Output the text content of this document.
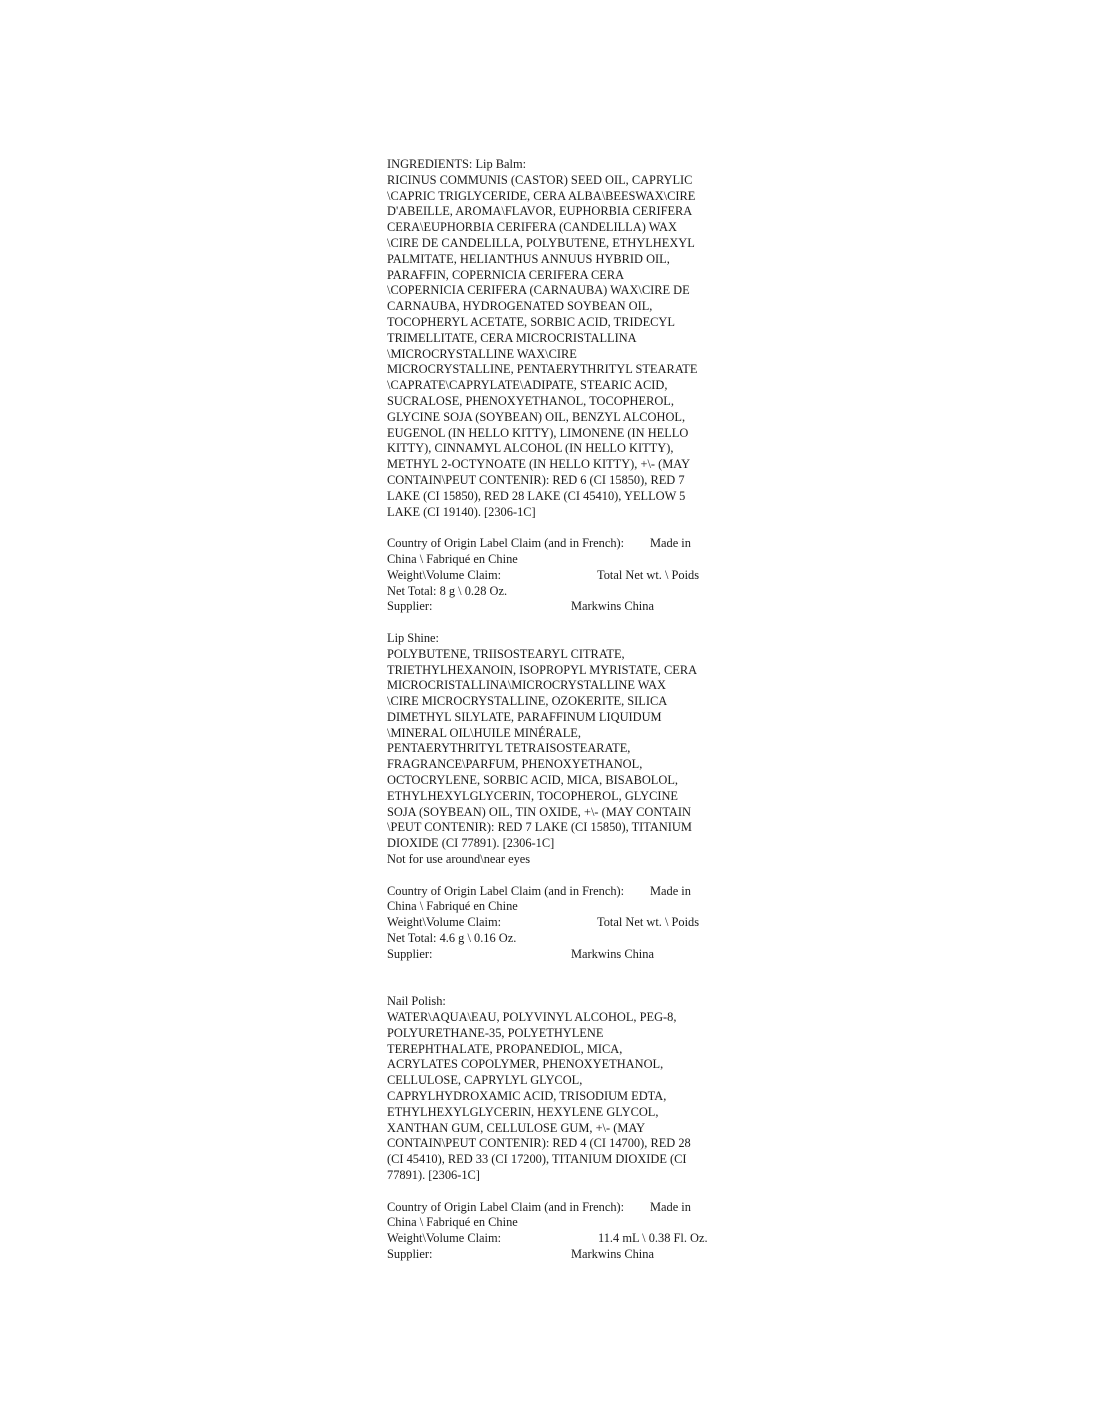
INGREDIENTS: Lip Balm:
RICINUS COMMUNIS (CASTOR) SEED OIL, CAPRYLIC
\CAPRIC TRIGLYCERIDE, CERA ALBA\BEESWAX\CIRE
D'ABEILLE, AROMA\FLAVOR, EUPHORBIA CERIFERA
CERA\EUPHORBIA CERIFERA (CANDELILLA) WAX
\CIRE DE CANDELILLA, POLYBUTENE, ETHYLHEXYL
PALMITATE, HELIANTHUS ANNUUS HYBRID OIL,
PARAFFIN, COPERNICIA CERIFERA CERA
\COPERNICIA CERIFERA (CARNAUBA) WAX\CIRE DE
CARNAUBA, HYDROGENATED SOYBEAN OIL,
TOCOPHERYL ACETATE, SORBIC ACID, TRIDECYL
TRIMELLITATE, CERA MICROCRISTALLINA
\MICROCRYSTALLINE WAX\CIRE
MICROCRYSTALLINE, PENTAERYTHRITYL STEARATE
\CAPRATE\CAPRYLATE\ADIPATE, STEARIC ACID,
SUCRALOSE, PHENOXYETHANOL, TOCOPHEROL,
GLYCINE SOJA (SOYBEAN) OIL, BENZYL ALCOHOL,
EUGENOL (IN HELLO KITTY), LIMONENE (IN HELLO
KITTY), CINNAMYL ALCOHOL (IN HELLO KITTY),
METHYL 2-OCTYNOATE (IN HELLO KITTY), +\- (MAY
CONTAIN\PEUT CONTENIR): RED 6 (CI 15850), RED 7
LAKE (CI 15850), RED 28 LAKE (CI 45410), YELLOW 5
LAKE (CI 19140). [2306-1C]
Country of Origin Label Claim (and in French): Made in
China \ Fabriqué en Chine
Weight\Volume Claim:	Total Net wt. \ Poids
Net Total: 8 g \ 0.28 Oz.
Supplier:	Markwins China
Lip Shine:
POLYBUTENE, TRIISOSTEARYL CITRATE,
TRIETHYLHEXANOIN, ISOPROPYL MYRISTATE, CERA
MICROCRISTALLINA\MICROCRYSTALLINE WAX
\CIRE MICROCRYSTALLINE, OZOKERITE, SILICA
DIMETHYL SILYLATE, PARAFFINUM LIQUIDUM
\MINERAL OIL\HUILE MINÉRALE,
PENTAERYTHRITYL TETRAISOSTEARATE,
FRAGRANCE\PARFUM, PHENOXYETHANOL,
OCTOCRYLENE, SORBIC ACID, MICA, BISABOLOL,
ETHYLHEXYLGLYCERIN, TOCOPHEROL, GLYCINE
SOJA (SOYBEAN) OIL, TIN OXIDE, +\- (MAY CONTAIN
\PEUT CONTENIR): RED 7 LAKE (CI 15850), TITANIUM
DIOXIDE (CI 77891). [2306-1C]
Not for use around\near eyes
Country of Origin Label Claim (and in French): Made in
China \ Fabriqué en Chine
Weight\Volume Claim:	Total Net wt. \ Poids
Net Total: 4.6 g \ 0.16 Oz.
Supplier:	Markwins China
Nail Polish:
WATER\AQUA\EAU, POLYVINYL ALCOHOL, PEG-8,
POLYURETHANE-35, POLYETHYLENE
TEREPHTHALATE, PROPANEDIOL, MICA,
ACRYLATES COPOLYMER, PHENOXYETHANOL,
CELLULOSE, CAPRYLYL GLYCOL,
CAPRYLHYDROXAMIC ACID, TRISODIUM EDTA,
ETHYLHEXYLGLYCERIN, HEXYLENE GLYCOL,
XANTHAN GUM, CELLULOSE GUM, +\- (MAY
CONTAIN\PEUT CONTENIR): RED 4 (CI 14700), RED 28
(CI 45410), RED 33 (CI 17200), TITANIUM DIOXIDE (CI
77891). [2306-1C]
Country of Origin Label Claim (and in French): Made in
China \ Fabriqué en Chine
Weight\Volume Claim:	11.4 mL \ 0.38 Fl. Oz.
Supplier:	Markwins China
